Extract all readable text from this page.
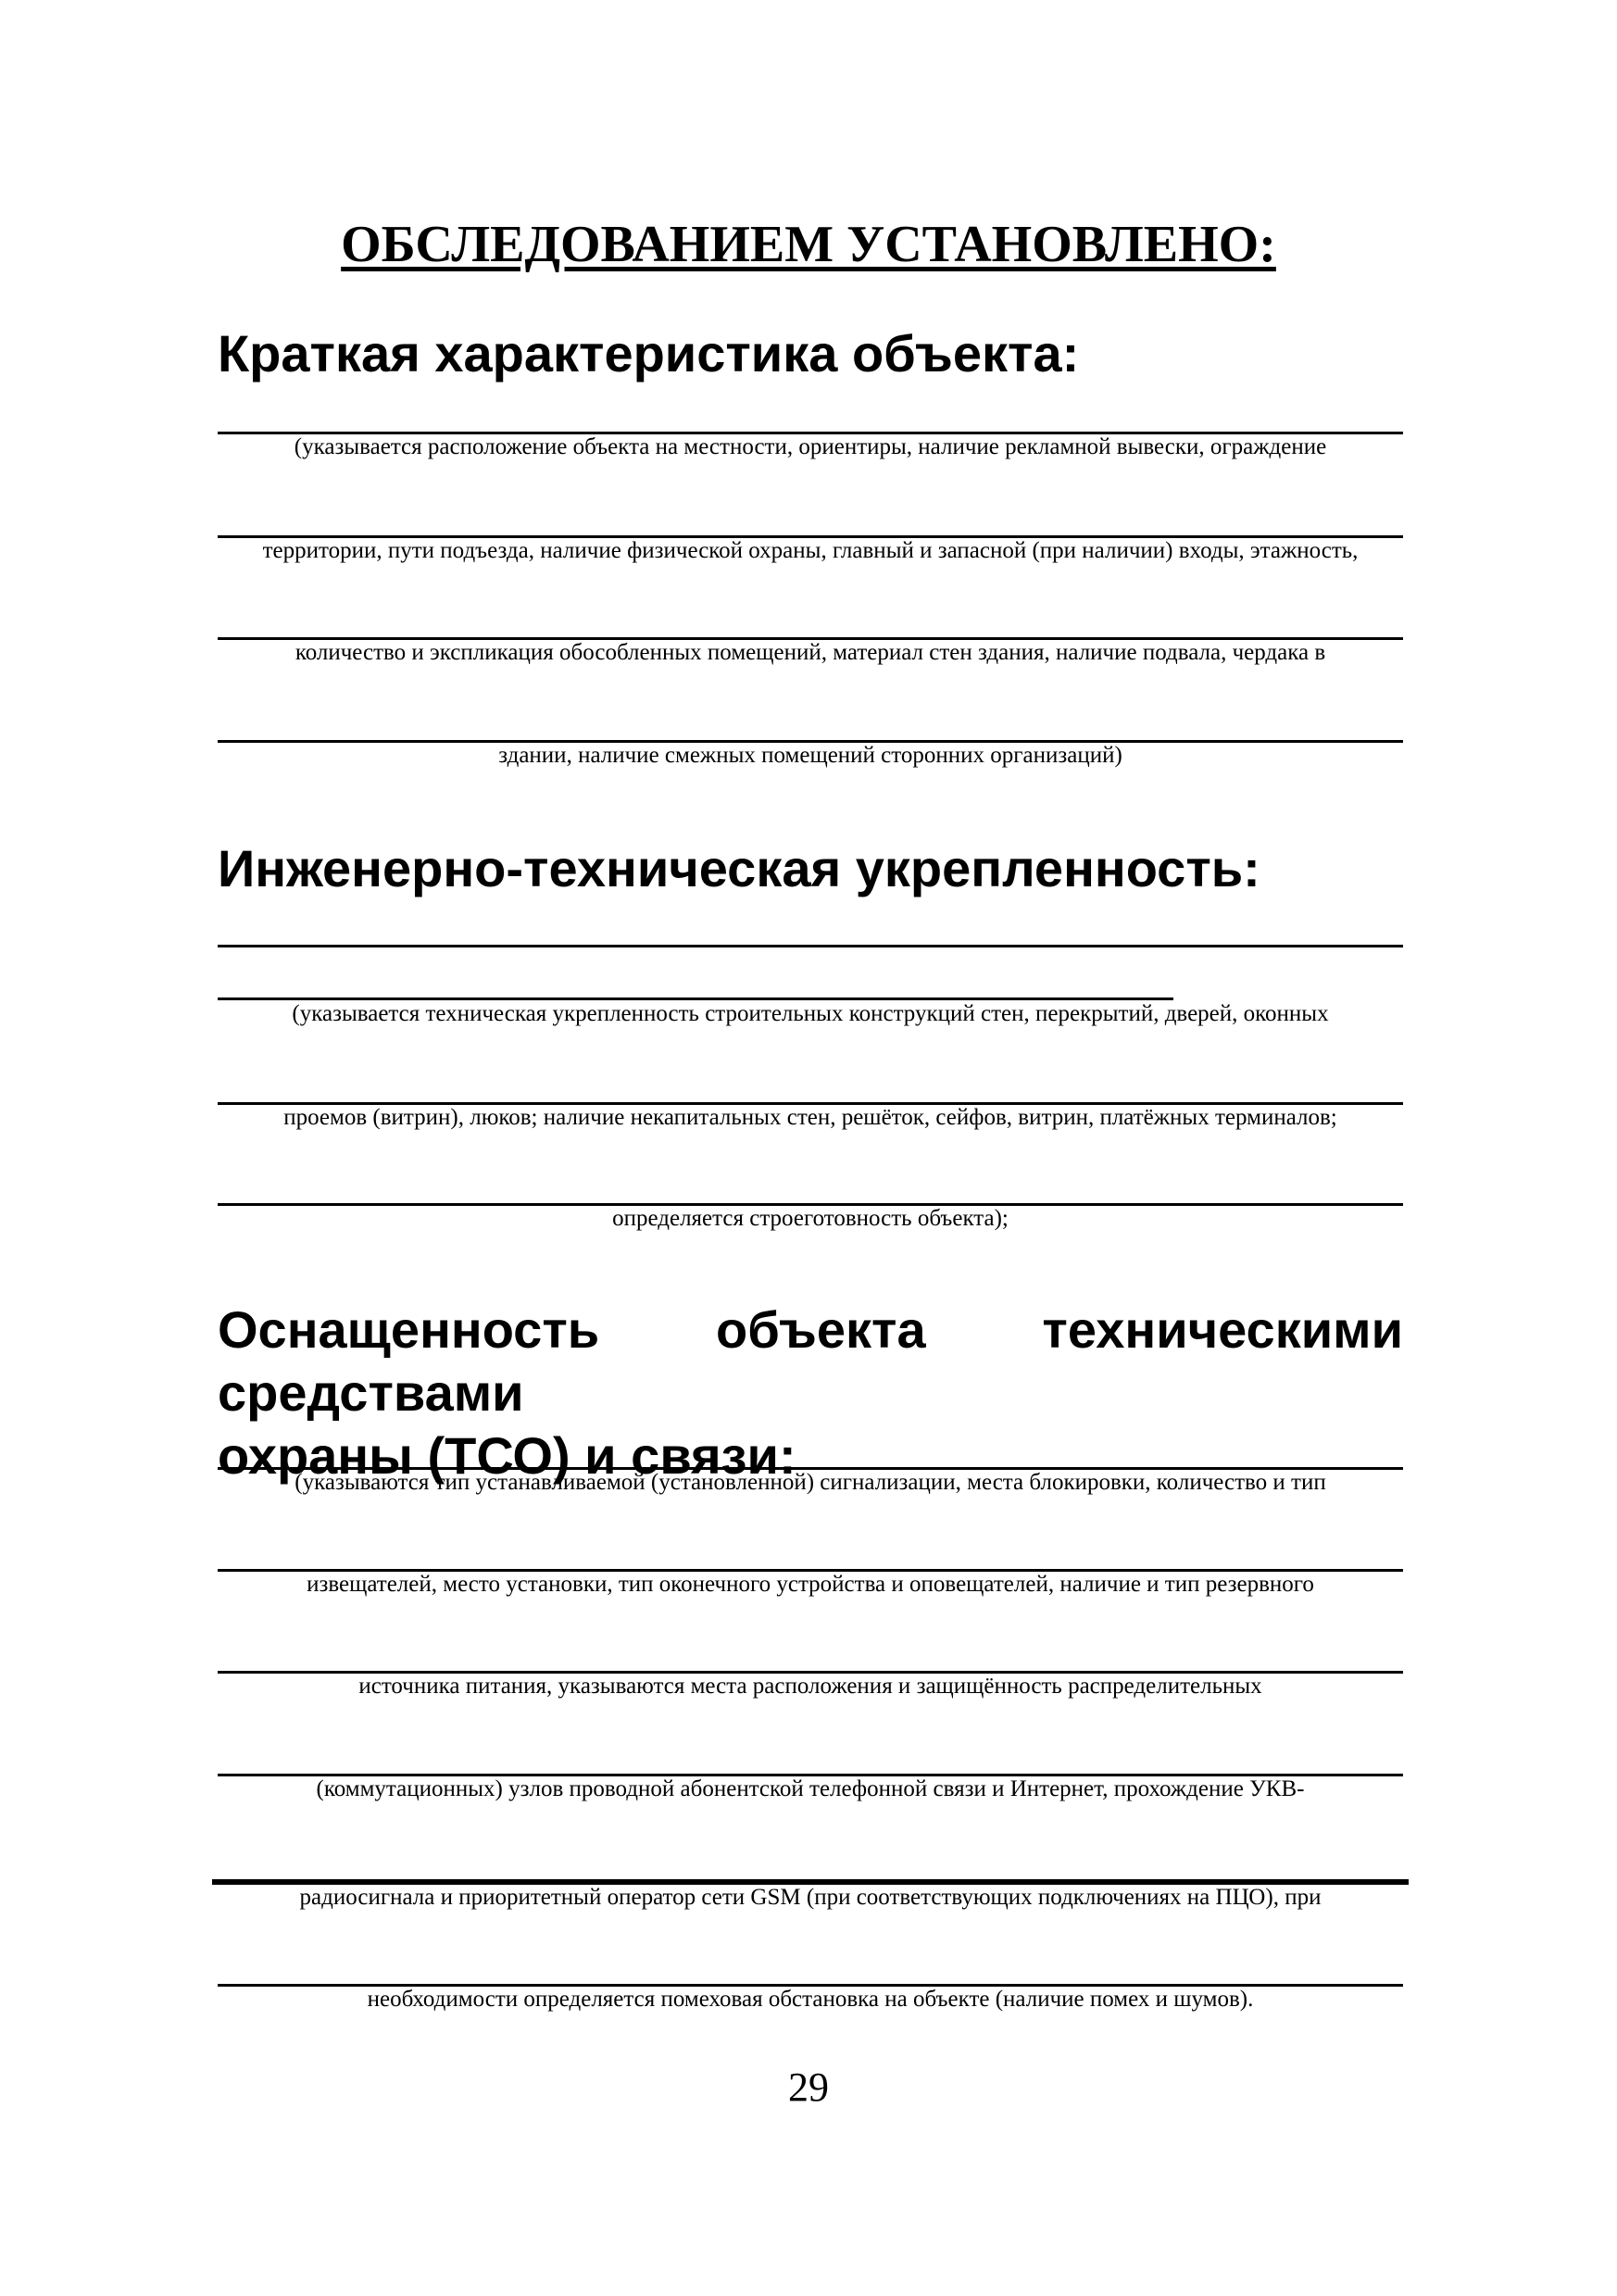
ОБСЛЕДОВАНИЕМ УСТАНОВЛЕНО:
Краткая характеристика объекта:
(указывается расположение объекта на местности, ориентиры, наличие рекламной вывески, ограждение
территории, пути подъезда, наличие физической охраны, главный и запасной (при наличии) входы, этажность,
количество и экспликация обособленных помещений, материал стен здания, наличие подвала, чердака в
здании, наличие смежных помещений сторонних организаций)
Инженерно-техническая укрепленность:
(указывается техническая укрепленность строительных конструкций стен, перекрытий, дверей, оконных
проемов (витрин), люков; наличие некапитальных стен, решёток, сейфов, витрин, платёжных терминалов;
определяется строеготовность объекта);
Оснащенность объекта техническими средствами
охраны (ТСО) и связи:
(указываются тип устанавливаемой (установленной) сигнализации, места блокировки, количество и тип
извещателей, место установки, тип оконечного устройства и оповещателей, наличие и тип резервного
источника питания, указываются места расположения и защищённость распределительных
(коммутационных) узлов проводной абонентской телефонной связи и Интернет, прохождение УКВ-
радиосигнала и приоритетный оператор сети GSM (при соответствующих подключениях на ПЦО), при
необходимости определяется помеховая обстановка на объекте (наличие помех и шумов).
29
